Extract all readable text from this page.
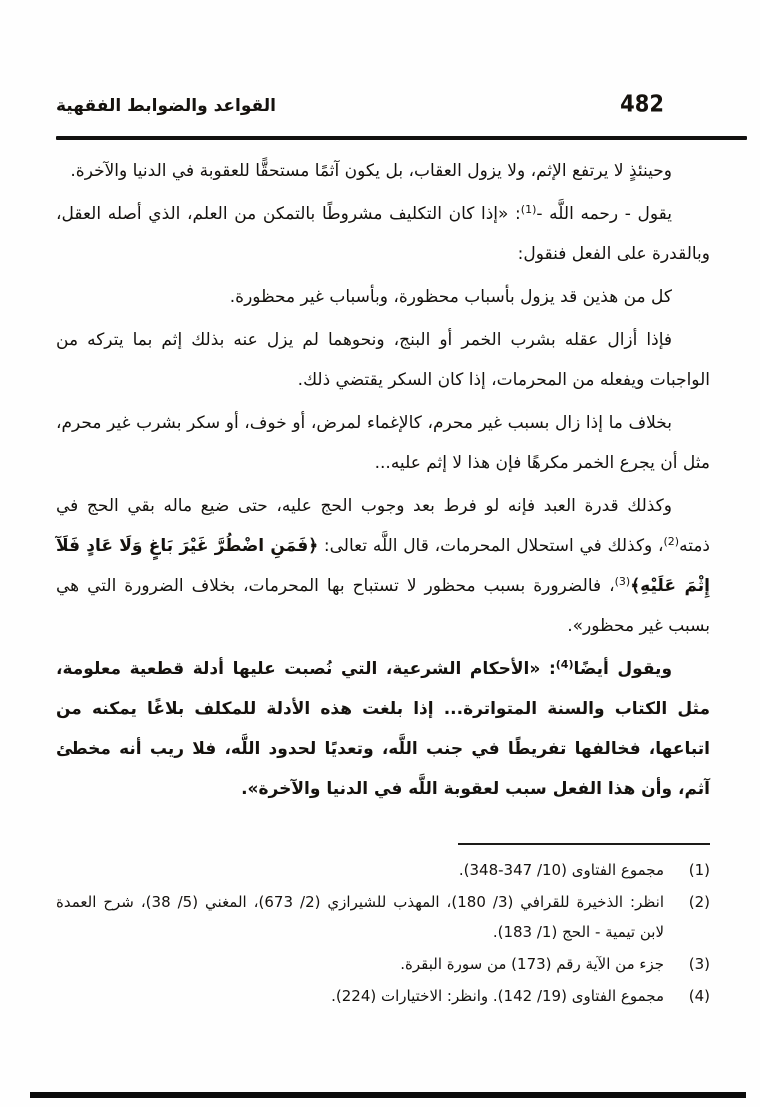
القواعد والضوابط الفقهية	482

وحينئذٍ لا يرتفع الإثم، ولا يزول العقاب، بل يكون آثمًا مستحقًّا للعقوبة في الدنيا والآخرة.

يقول - رحمه اللَّه -$^{(1)}$: «إذا كان التكليف مشروطًا بالتمكن من العلم، الذي أصله العقل، وبالقدرة على الفعل فنقول:

كل من هذين قد يزول بأسباب محظورة، وبأسباب غير محظورة.

فإذا أزال عقله بشرب الخمر أو البنج، ونحوهما لم يزل عنه بذلك إثم بما يتركه من الواجبات ويفعله من المحرمات، إذا كان السكر يقتضي ذلك.

بخلاف ما إذا زال بسبب غير محرم، كالإغماء لمرض، أو خوف، أو سكر بشرب غير محرم، مثل أن يجرع الخمر مكرهًا فإن هذا لا إثم عليه...

وكذلك قدرة العبد فإنه لو فرط بعد وجوب الحج عليه، حتى ضيع ماله بقي الحج في ذمته$^{(2)}$، وكذلك في استحلال المحرمات، قال اللَّه تعالى: ﴿فَمَنِ اضْطُرَّ غَيْرَ بَاغٍ وَلَا عَادٍ فَلَآ إِثْمَ عَلَيْهِ﴾$^{(3)}$، فالضرورة بسبب محظور لا تستباح بها المحرمات، بخلاف الضرورة التي هي بسبب غير محظور».

ويقول أيضًا$^{(4)}$: «الأحكام الشرعية، التي نُصبت عليها أدلة قطعية معلومة، مثل الكتاب والسنة المتواترة... إذا بلغت هذه الأدلة للمكلف بلاغًا يمكنه من اتباعها، فخالفها تفريطًا في جنب اللَّه، وتعديًا لحدود اللَّه، فلا ريب أنه مخطئ آثم، وأن هذا الفعل سبب لعقوبة اللَّه في الدنيا والآخرة».

(1)
مجموع الفتاوى (10/ 347-348).
(2)
انظر: الذخيرة للقرافي (3/ 180)، المهذب للشيرازي (2/ 673)، المغني (5/ 38)، شرح العمدة لابن تيمية - الحج (1/ 183).
(3)
جزء من الآية رقم (173) من سورة البقرة.
(4)
مجموع الفتاوى (19/ 142). وانظر: الاختيارات (224).
